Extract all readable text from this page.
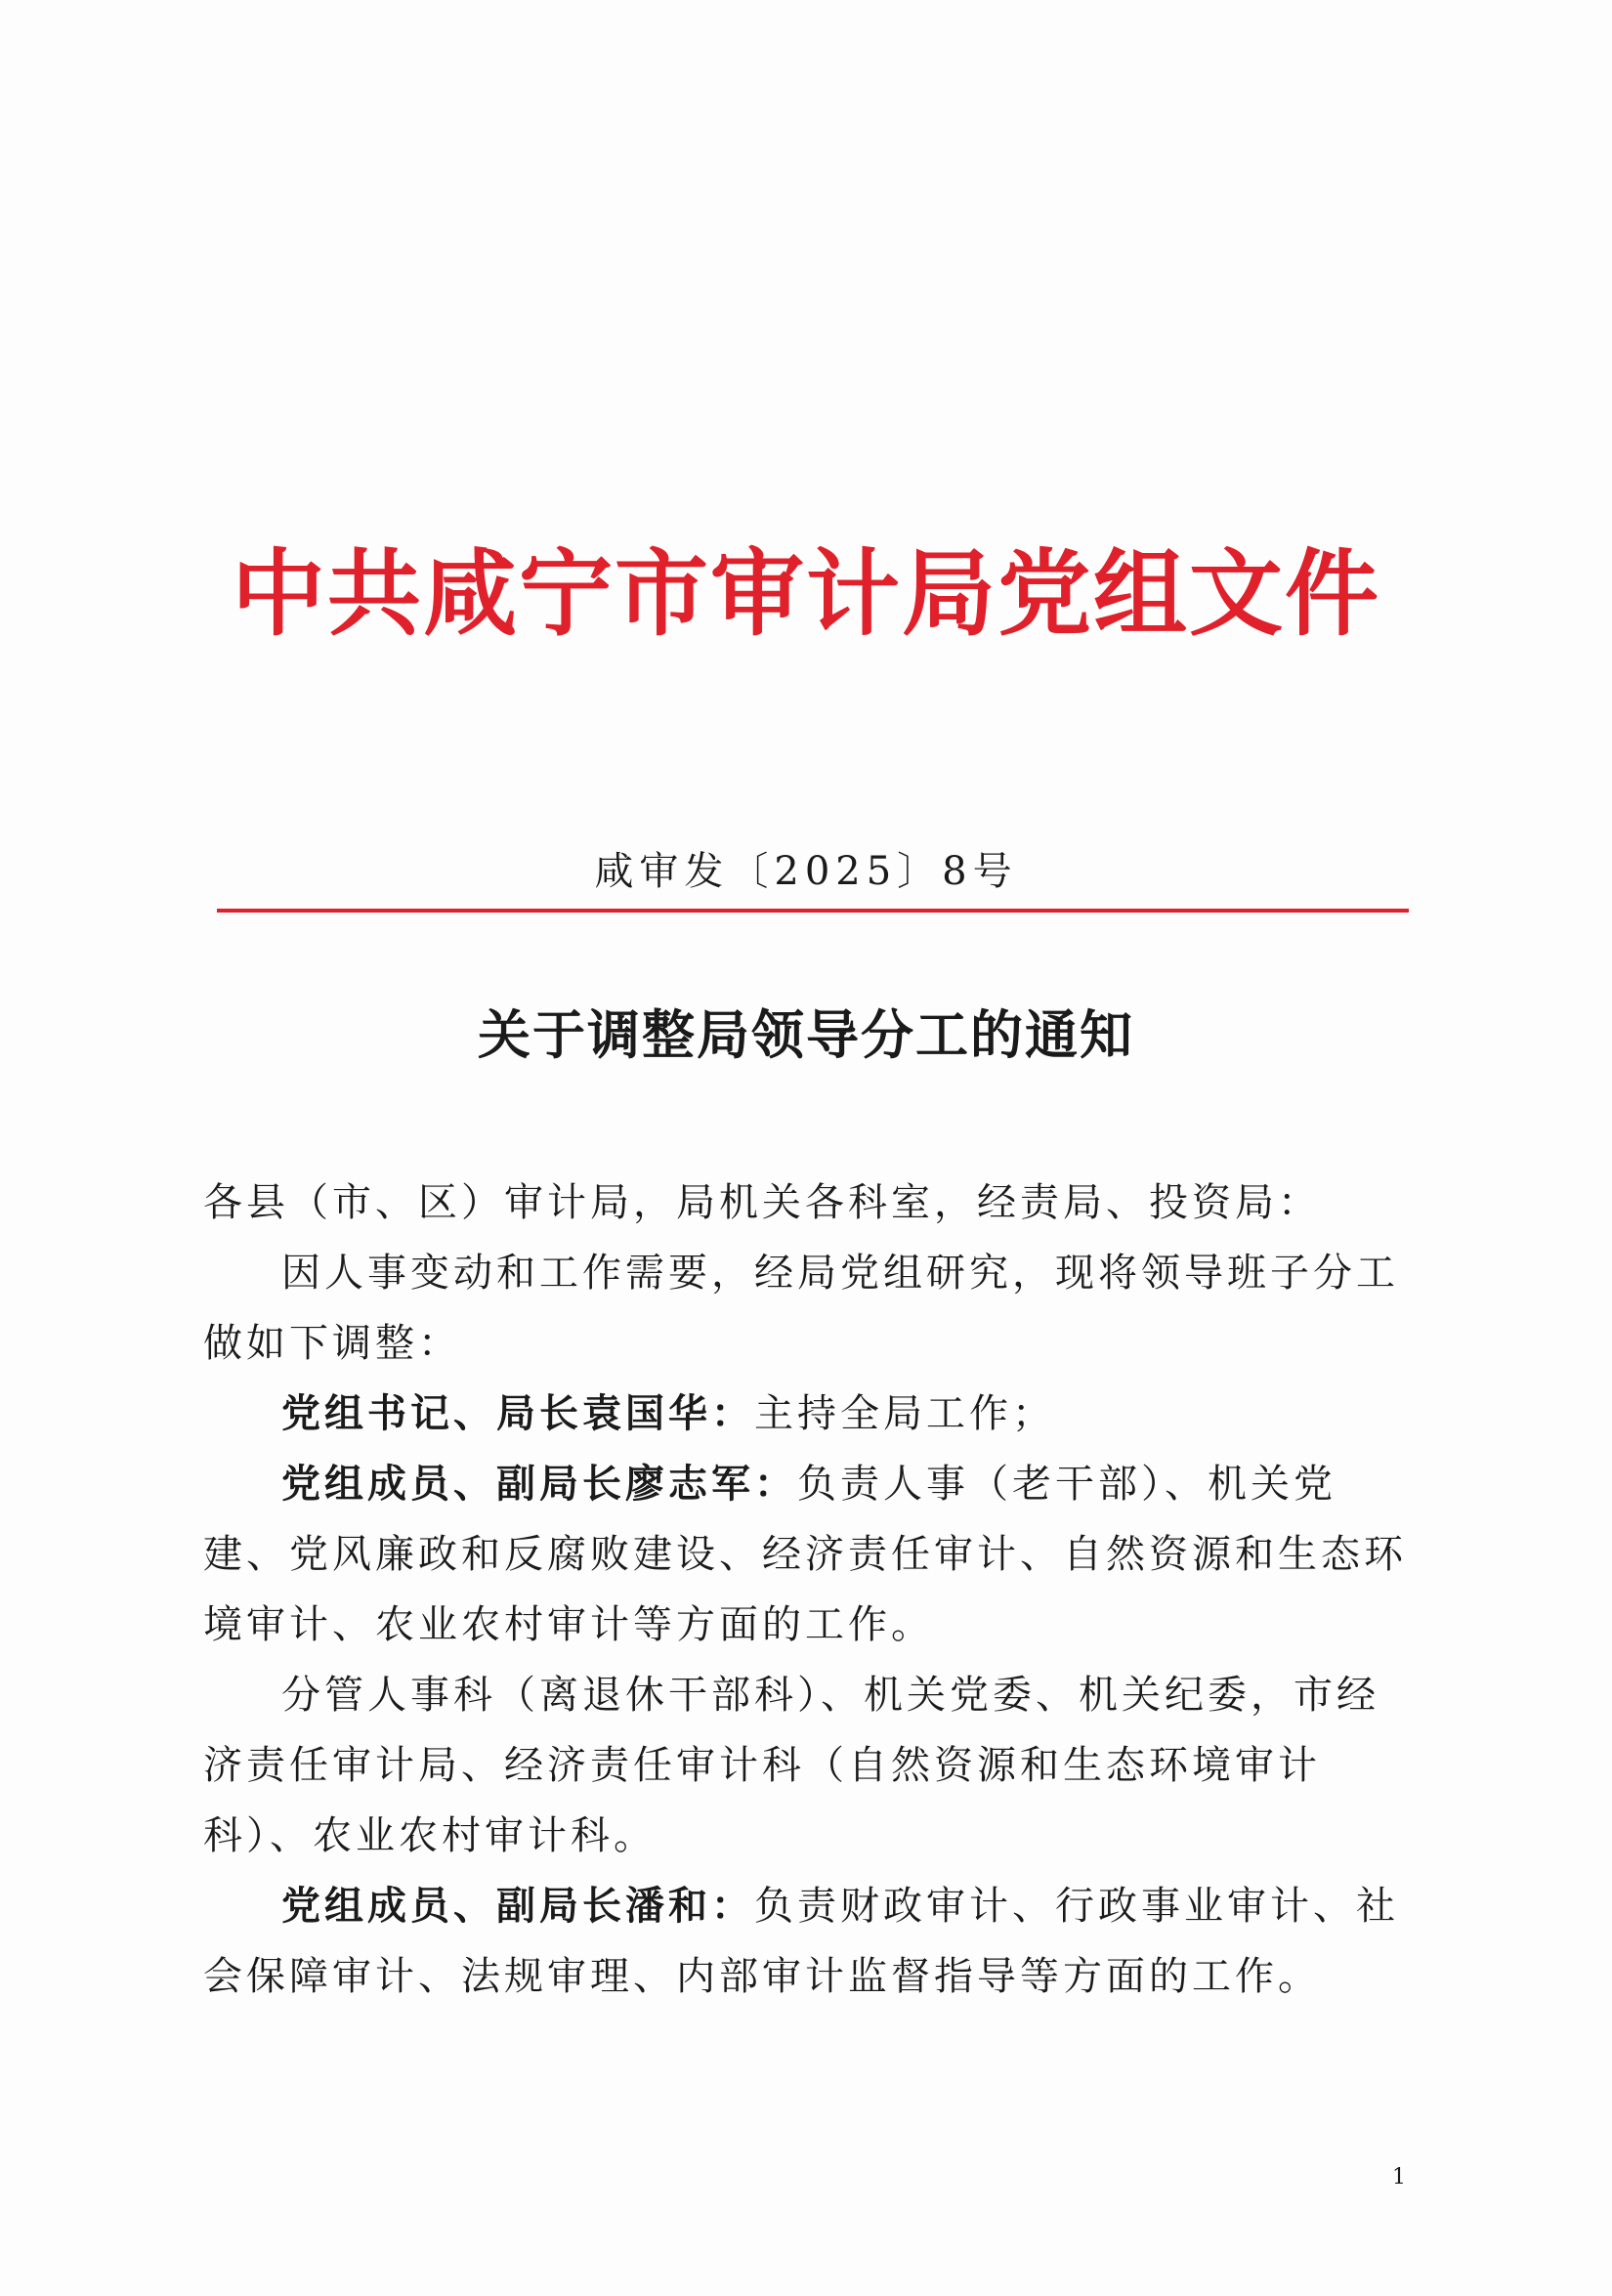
中共咸宁市审计局党组文件
咸审发〔2025〕8号
关于调整局领导分工的通知

各县（市、区）审计局，局机关各科室，经责局、投资局：

因人事变动和工作需要，经局党组研究，现将领导班子分工做如下调整：

党组书记、局长袁国华：主持全局工作；

党组成员、副局长廖志军：负责人事（老干部）、机关党建、党风廉政和反腐败建设、经济责任审计、自然资源和生态环境审计、农业农村审计等方面的工作。

分管人事科（离退休干部科）、机关党委、机关纪委，市经济责任审计局、经济责任审计科（自然资源和生态环境审计科）、农业农村审计科。

党组成员、副局长潘和：负责财政审计、行政事业审计、社会保障审计、法规审理、内部审计监督指导等方面的工作。

1
